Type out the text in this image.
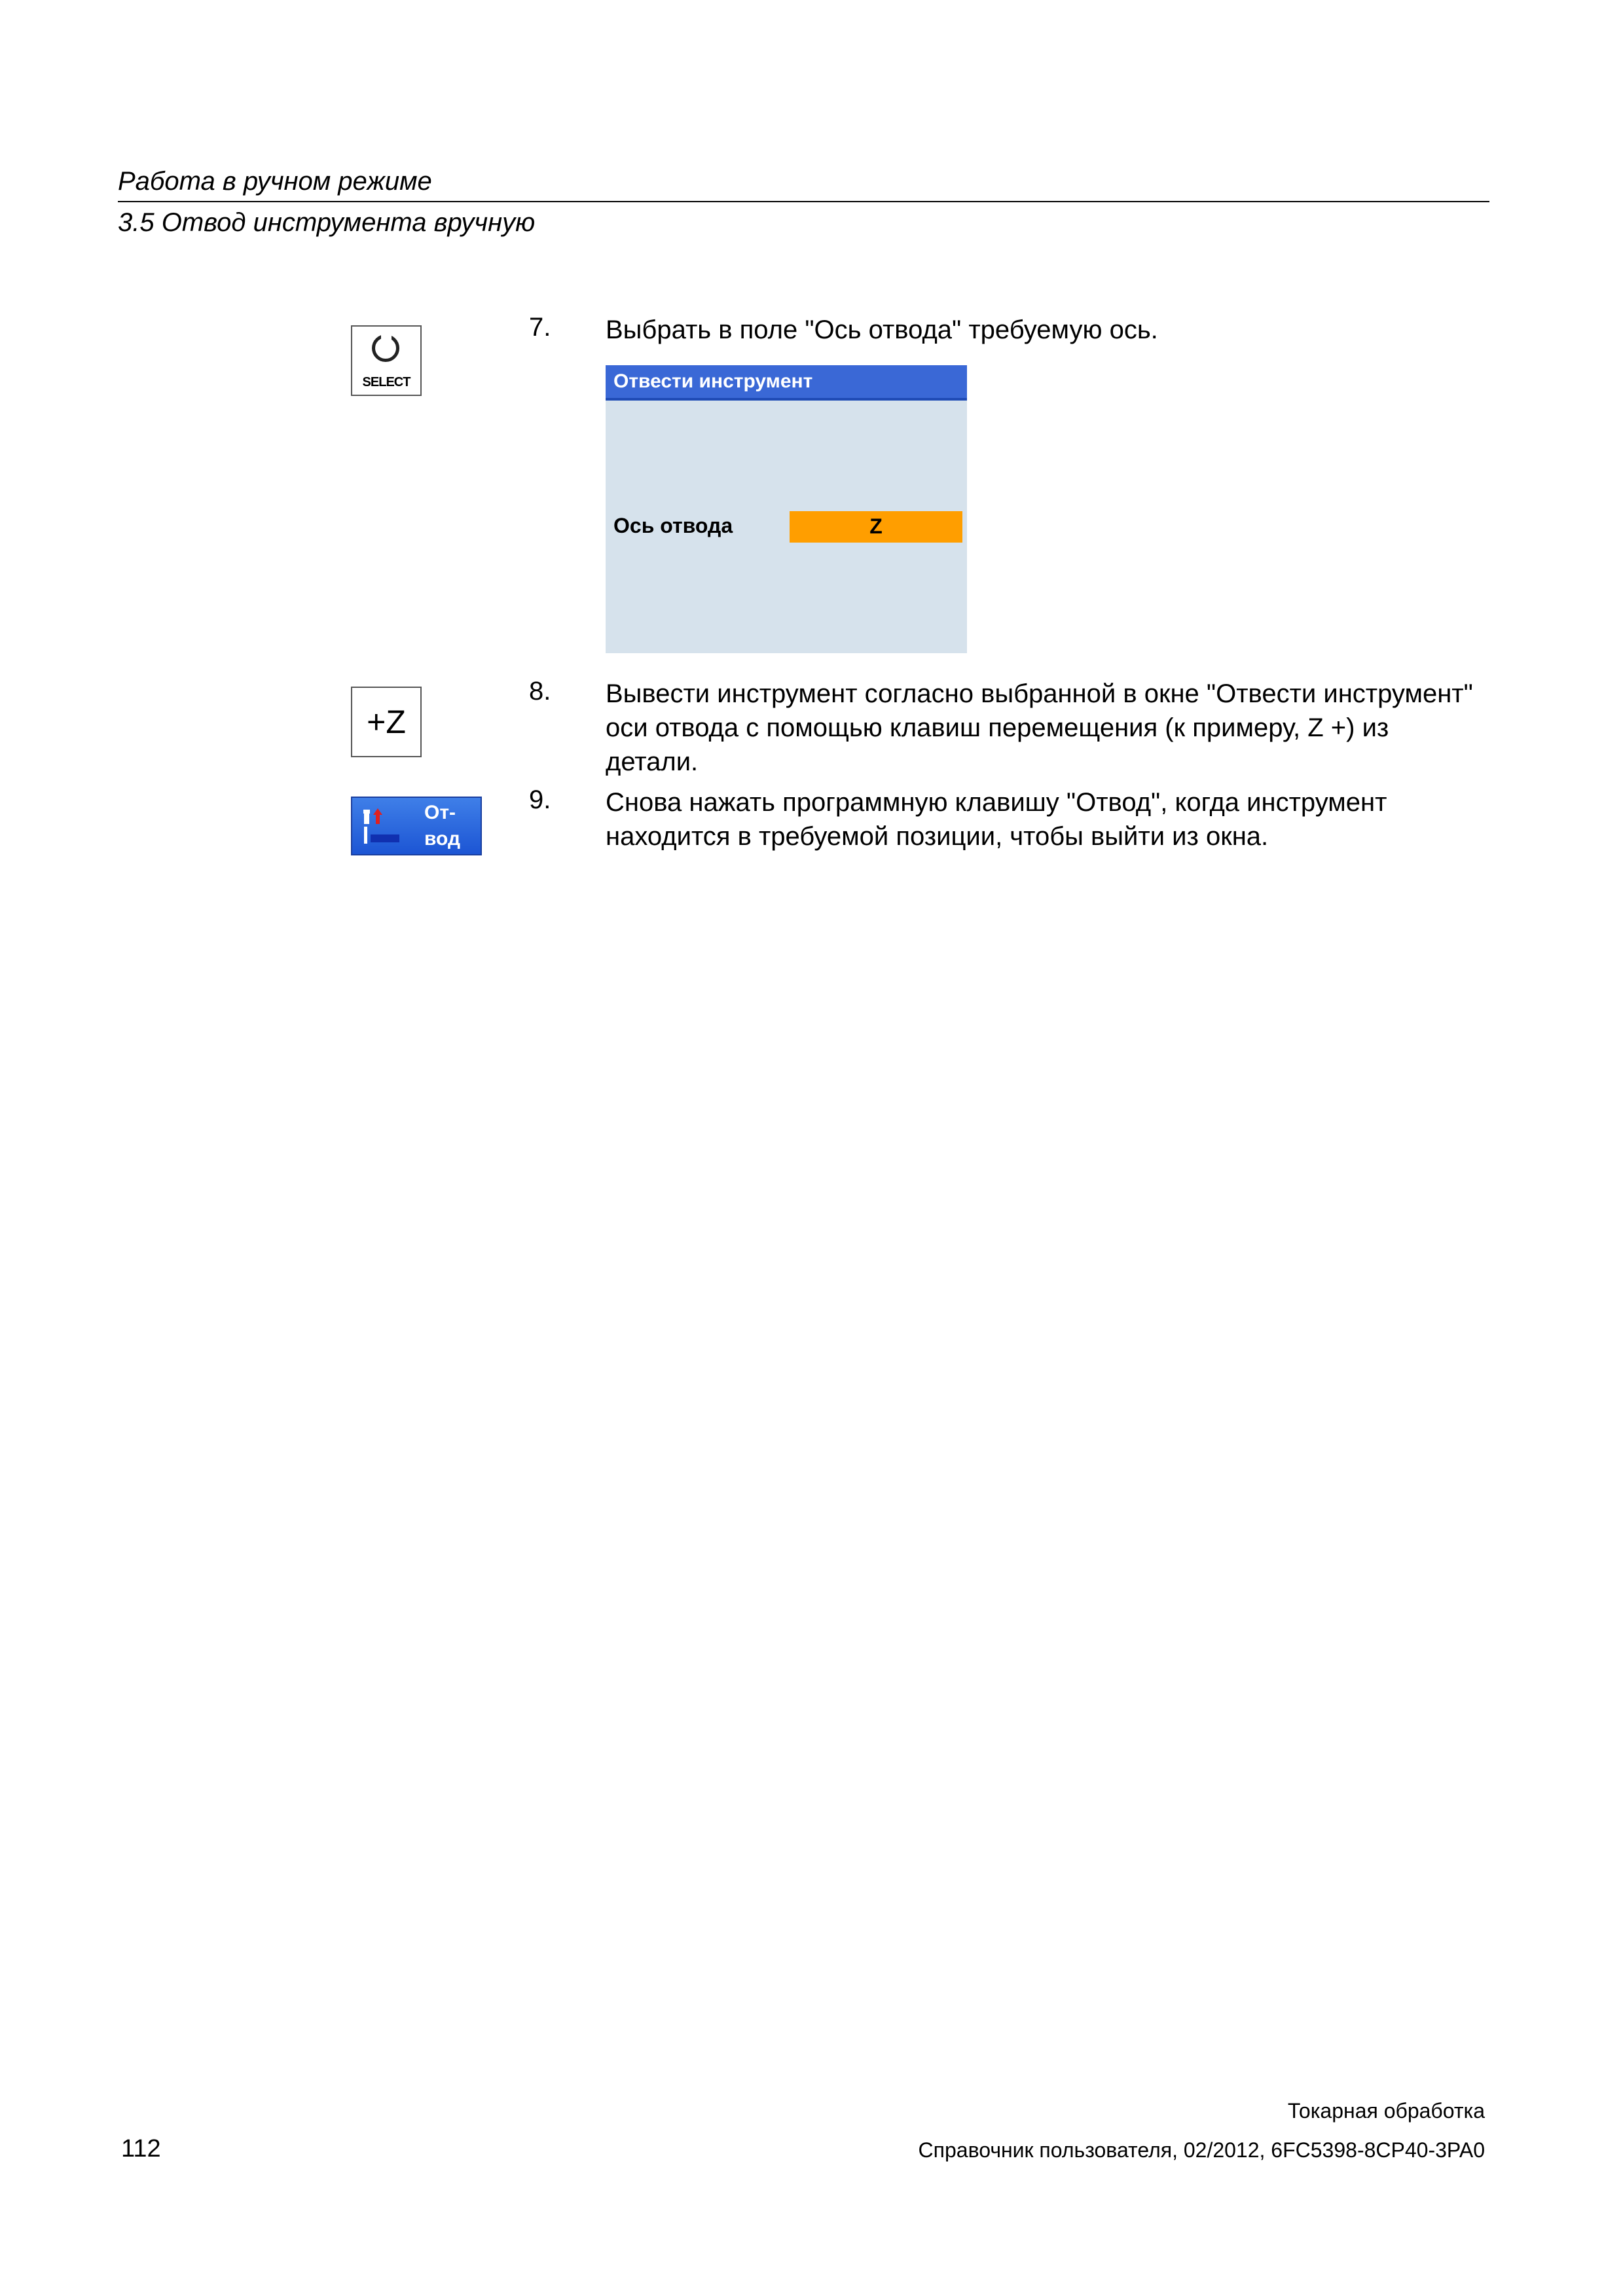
Работа в ручном режиме
3.5 Отвод инструмента вручную
SELECT
7. Выбрать в поле "Ось отвода" требуемую ось.
Отвести инструмент
Ось отвода	Z
+Z
8. Вывести инструмент согласно выбранной в окне "Отвести инструмент" оси отвода с помощью клавиш перемещения (к примеру, Z +) из детали.
От-
вод
9. Снова нажать программную клавишу "Отвод", когда инструмент находится в требуемой позиции, чтобы выйти из окна.
Токарная обработка
112	Справочник пользователя, 02/2012, 6FC5398-8CP40-3PA0
